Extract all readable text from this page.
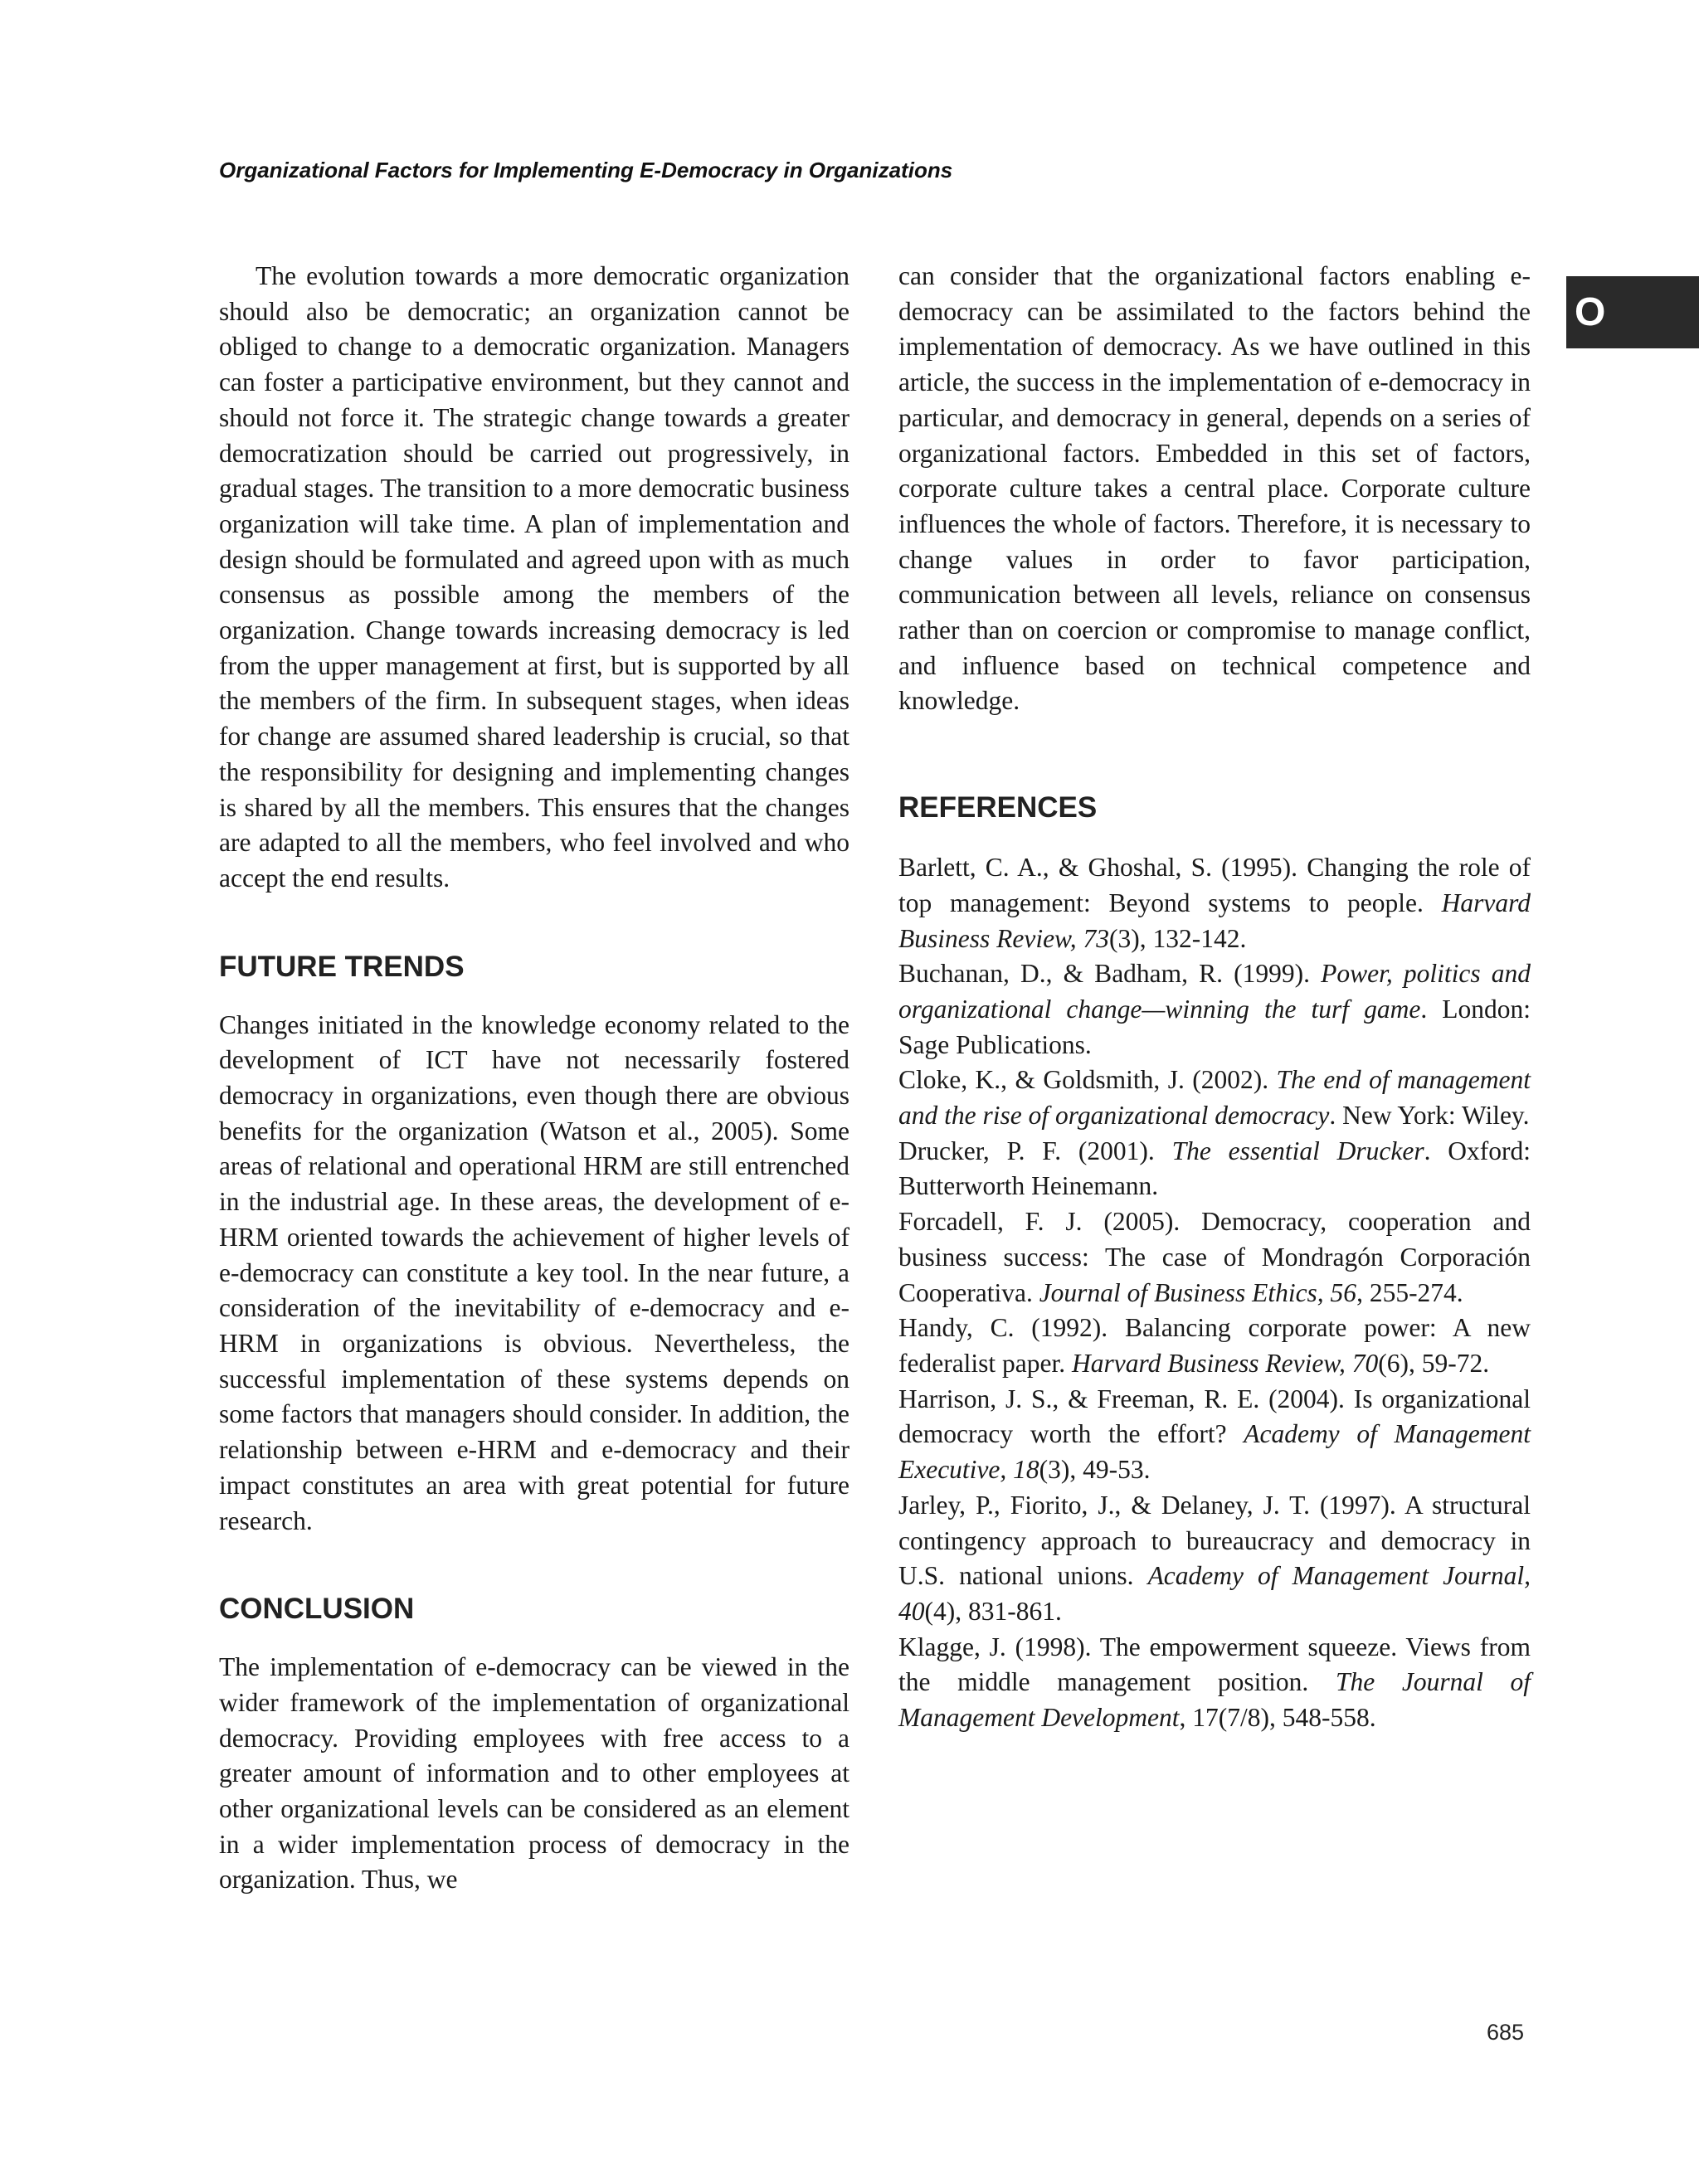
Organizational Factors for Implementing E-Democracy in Organizations
O

The evolution towards a more democratic organization should also be democratic; an organization cannot be obliged to change to a democratic organization. Managers can foster a participative environment, but they cannot and should not force it. The strategic change towards a greater democratization should be carried out progressively, in gradual stages. The transition to a more democratic business organization will take time. A plan of implementation and design should be formulated and agreed upon with as much consensus as possible among the members of the organization. Change towards increasing democracy is led from the upper management at first, but is supported by all the members of the firm. In subsequent stages, when ideas for change are assumed shared leadership is crucial, so that the responsibility for designing and implementing changes is shared by all the members. This ensures that the changes are adapted to all the members, who feel involved and who accept the end results.

FUTURE TRENDS

Changes initiated in the knowledge economy related to the development of ICT have not necessarily fostered democracy in organizations, even though there are obvious benefits for the organization (Watson et al., 2005). Some areas of relational and operational HRM are still entrenched in the industrial age. In these areas, the development of e-HRM oriented towards the achievement of higher levels of e-democracy can constitute a key tool. In the near future, a consideration of the inevitability of e-democracy and e-HRM in organizations is obvious. Nevertheless, the successful implementation of these systems depends on some factors that managers should consider. In addition, the relationship between e-HRM and e-democracy and their impact constitutes an area with great potential for future research.

CONCLUSION

The implementation of e-democracy can be viewed in the wider framework of the implementation of organizational democracy. Providing employees with free access to a greater amount of information and to other employees at other organizational levels can be considered as an element in a wider implementation process of democracy in the organization. Thus, we

can consider that the organizational factors enabling e-democracy can be assimilated to the factors behind the implementation of democracy. As we have outlined in this article, the success in the implementation of e-democracy in particular, and democracy in general, depends on a series of organizational factors. Embedded in this set of factors, corporate culture takes a central place. Corporate culture influences the whole of factors. Therefore, it is necessary to change values in order to favor participation, communication between all levels, reliance on consensus rather than on coercion or compromise to manage conflict, and influence based on technical competence and knowledge.

REFERENCES

Barlett, C. A., & Ghoshal, S. (1995). Changing the role of top management: Beyond systems to people. Harvard Business Review, 73(3), 132-142.

Buchanan, D., & Badham, R. (1999). Power, politics and organizational change—winning the turf game. London: Sage Publications.

Cloke, K., & Goldsmith, J. (2002). The end of management and the rise of organizational democracy. New York: Wiley.

Drucker, P. F. (2001). The essential Drucker. Oxford: Butterworth Heinemann.

Forcadell, F. J. (2005). Democracy, cooperation and business success: The case of Mondragón Corporación Cooperativa. Journal of Business Ethics, 56, 255-274.

Handy, C. (1992). Balancing corporate power: A new federalist paper. Harvard Business Review, 70(6), 59-72.

Harrison, J. S., & Freeman, R. E. (2004). Is organizational democracy worth the effort? Academy of Management Executive, 18(3), 49-53.

Jarley, P., Fiorito, J., & Delaney, J. T. (1997). A structural contingency approach to bureaucracy and democracy in U.S. national unions. Academy of Management Journal, 40(4), 831-861.

Klagge, J. (1998). The empowerment squeeze. Views from the middle management position. The Journal of Management Development, 17(7/8), 548-558.

685
